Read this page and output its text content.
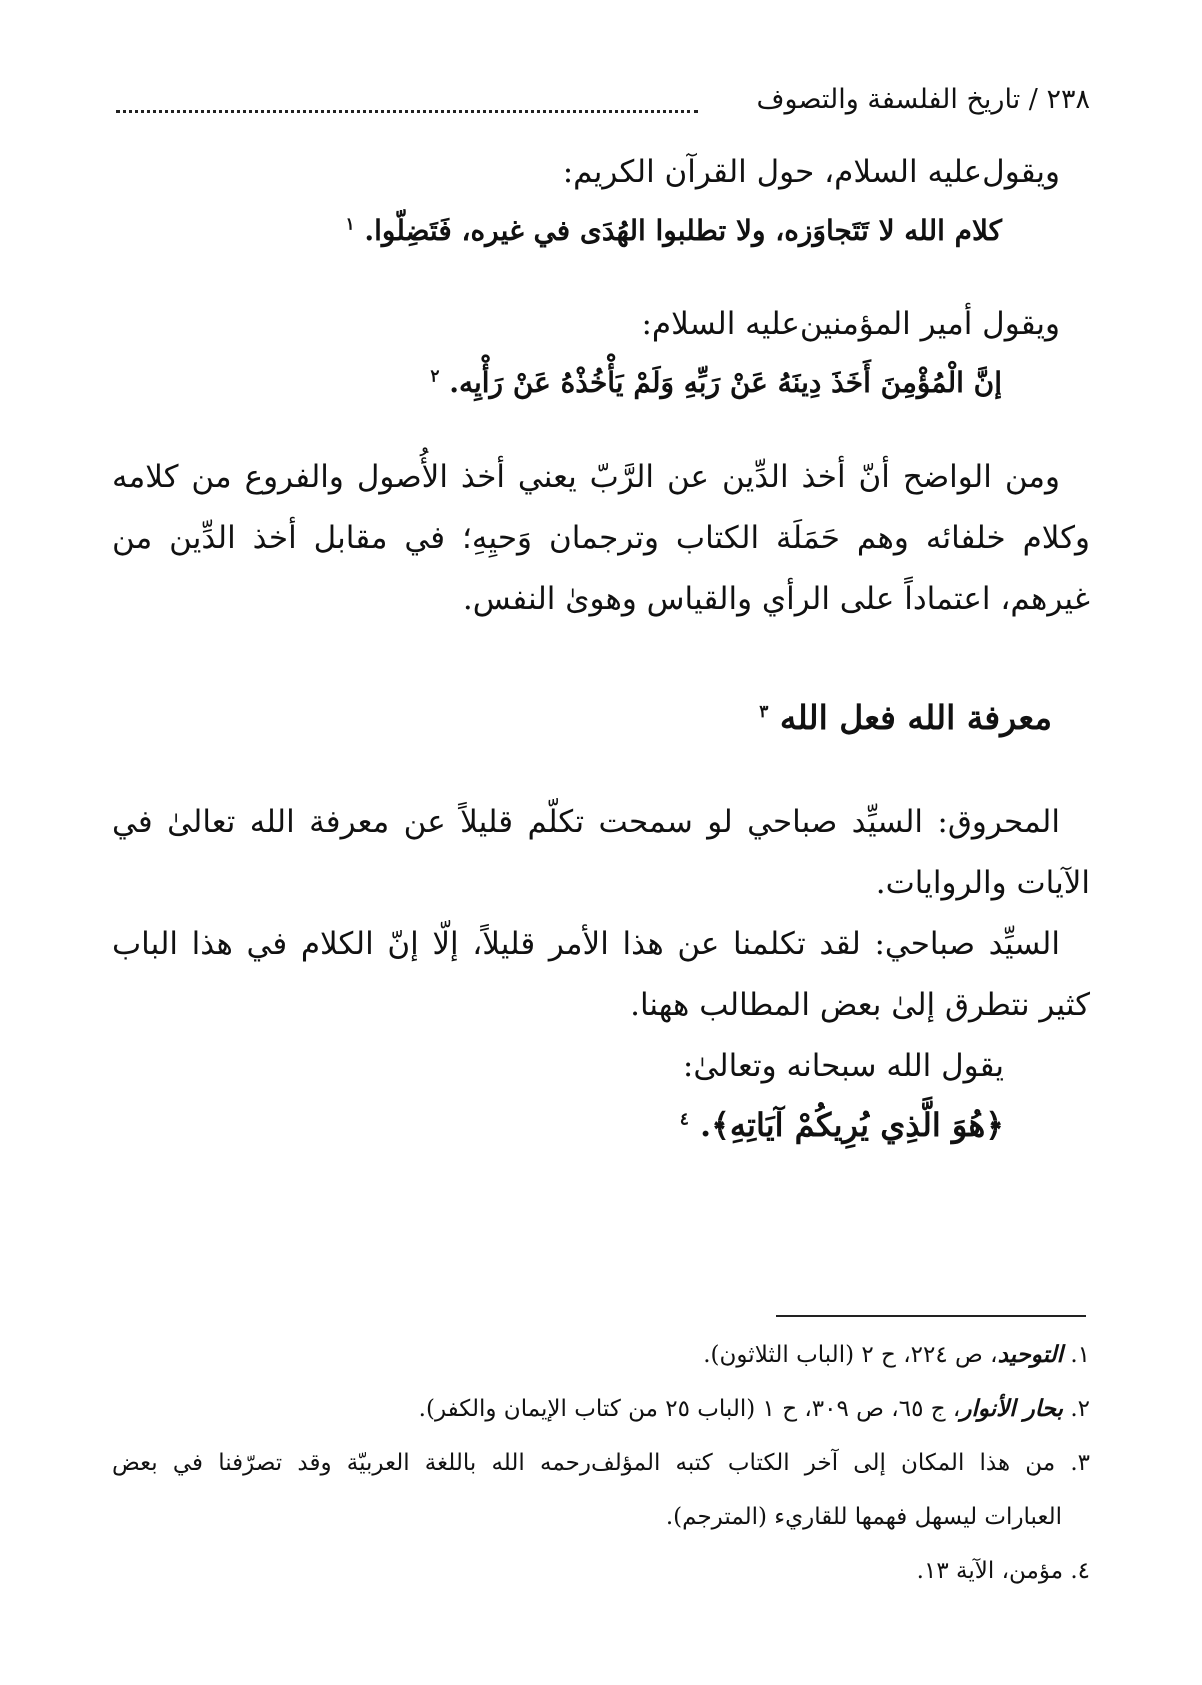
٢٣٨ / تاريخ الفلسفة والتصوف
ويقول‌عليه السلام، حول القرآن الكريم:
كلام الله لا تَتَجاوَزه، ولا تطلبوا الهُدَى في غيره، فَتَضِلّوا. $^١$
ويقول أمير المؤمنين‌عليه السلام:
إنَّ الْمُؤْمِنَ أَخَذَ دِينَهُ عَنْ رَبِّهِ وَلَمْ يَأْخُذْهُ عَنْ رَأْيِه. $^٢$
ومن الواضح أنّ أخذ الدِّين عن الرَّبّ يعني أخذ الأُصول والفروع من كلامه
وكلام خلفائه وهم حَمَلَة الكتاب وترجمان وَحيِهِ؛ في مقابل أخذ الدِّين من
غيرهم، اعتماداً على الرأي والقياس وهوىٰ النفس.
معرفة الله فعل الله $^٣$
المحروق: السيِّد صباحي لو سمحت تكلّم قليلاً عن معرفة الله تعالىٰ في
الآيات والروايات.
السيِّد صباحي: لقد تكلمنا عن هذا الأمر قليلاً، إلّا إنّ الكلام في هذا الباب
كثير نتطرق إلىٰ بعض المطالب ههنا.
يقول الله سبحانه وتعالىٰ:
﴿هُوَ الَّذِي يُرِيكُمْ آيَاتِهِ﴾. $^٤$
١. التوحيد، ص ٢٢٤، ح ٢ (الباب الثلاثون).
٢. بحار الأنوار، ج ٦٥، ص ٣٠٩، ح ١ (الباب ٢٥ من كتاب الإيمان والكفر).
٣. من هذا المكان إلى آخر الكتاب كتبه المؤلف‌رحمه الله باللغة العربيّة وقد تصرّفنا في بعض
العبارات ليسهل فهمها للقاريء (المترجم).
٤. مؤمن، الآية ١٣.
